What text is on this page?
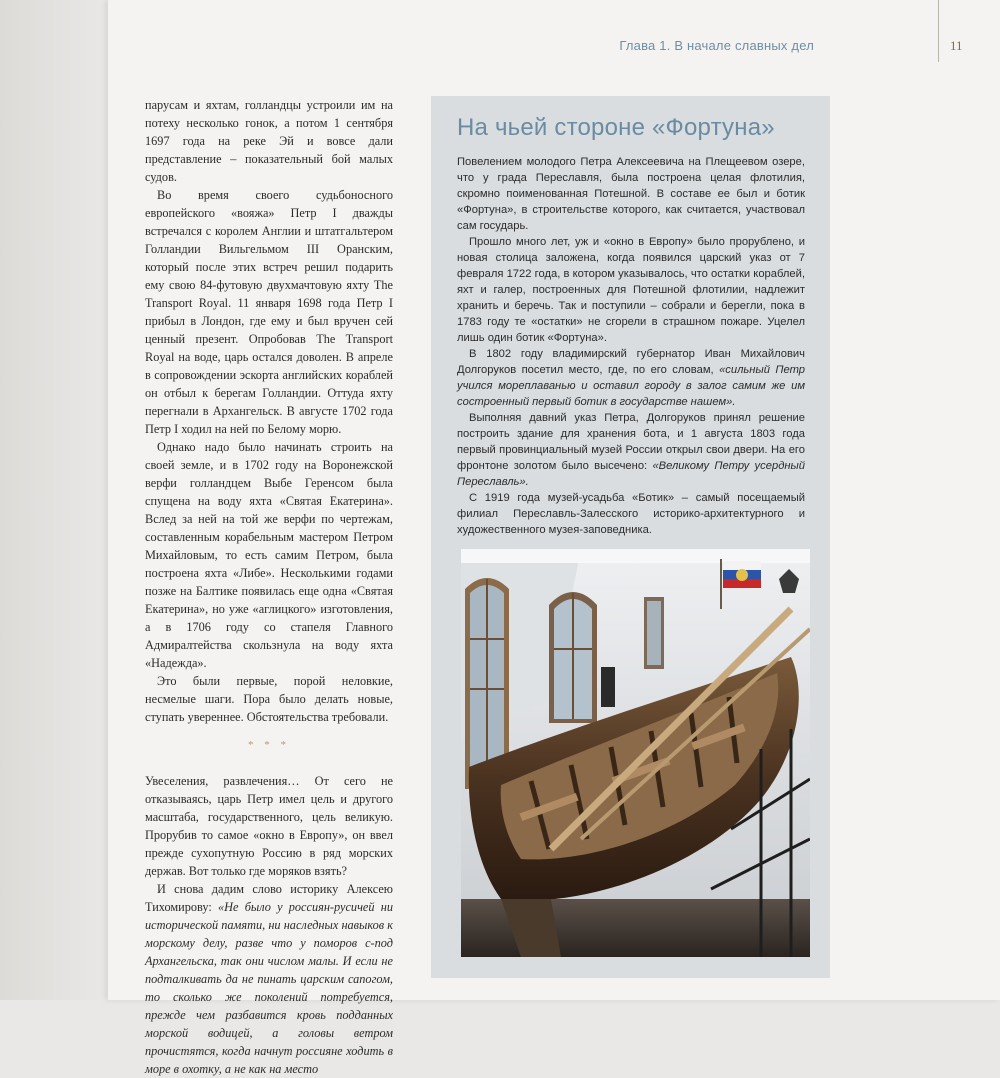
11
Глава 1. В начале славных дел

парусам и яхтам, голландцы устроили им на потеху несколько гонок, а потом 1 сентября 1697 года на реке Эй и вовсе дали представление – показательный бой малых судов.

Во время своего судьбоносного европейского «вояжа» Петр I дважды встречался с королем Англии и штатгальтером Голландии Вильгельмом III Оранским, который после этих встреч решил подарить ему свою 84-футовую двухмачтовую яхту The Transport Royal. 11 января 1698 года Петр I прибыл в Лондон, где ему и был вручен сей ценный презент. Опробовав The Transport Royal на воде, царь остался доволен. В апреле в сопровождении эскорта английских кораблей он отбыл к берегам Голландии. Оттуда яхту перегнали в Архангельск. В августе 1702 года Петр I ходил на ней по Белому морю.

Однако надо было начинать строить на своей земле, и в 1702 году на Воронежской верфи голландцем Выбе Геренсом была спущена на воду яхта «Святая Екатерина». Вслед за ней на той же верфи по чертежам, составленным корабельным мастером Петром Михайловым, то есть самим Петром, была построена яхта «Либе». Несколькими годами позже на Балтике появилась еще одна «Святая Екатерина», но уже «аглицкого» изготовления, а в 1706 году со стапеля Главного Адмиралтейства скользнула на воду яхта «Надежда».

Это были первые, порой неловкие, несмелые шаги. Пора было делать новые, ступать увереннее. Обстоятельства требовали.

* * *

Увеселения, развлечения… От сего не отказываясь, царь Петр имел цель и другого масштаба, государственного, цель великую. Прорубив то самое «окно в Европу», он ввел прежде сухопутную Россию в ряд морских держав. Вот только где моряков взять?

И снова дадим слово историку Алексею Тихомирову: «Не было у россиян-русичей ни исторической памяти, ни наследных навыков к морскому делу, разве что у поморов с-под Архангельска, так они числом малы. И если не подталкивать да не пинать царским сапогом, то сколько же поколений потребуется, прежде чем разбавится кровь подданных морской водицей, а головы ветром прочистятся, когда начнут россияне ходить в море в охотку, а не как на место

На чьей стороне «Фортуна»

Повелением молодого Петра Алексеевича на Плещеевом озере, что у града Переславля, была построена целая флотилия, скромно поименованная Потешной. В составе ее был и ботик «Фортуна», в строительстве которого, как считается, участвовал сам государь.

Прошло много лет, уж и «окно в Европу» было прорублено, и новая столица заложена, когда появился царский указ от 7 февраля 1722 года, в котором указывалось, что остатки кораблей, яхт и галер, построенных для Потешной флотилии, надлежит хранить и беречь. Так и поступили – собрали и берегли, пока в 1783 году те «остатки» не сгорели в страшном пожаре. Уцелел лишь один ботик «Фортуна».

В 1802 году владимирский губернатор Иван Михайлович Долгоруков посетил место, где, по его словам, «сильный Петр учился мореплаванью и оставил городу в залог самим же им состроенный первый ботик в государстве нашем».

Выполняя давний указ Петра, Долгоруков принял решение построить здание для хранения бота, и 1 августа 1803 года первый провинциальный музей России открыл свои двери. На его фронтоне золотом было высечено: «Великому Петру усердный Переславль».

С 1919 года музей-усадьба «Ботик» – самый посещаемый филиал Переславль-Залесского историко-архитектурного и художественного музея-заповедника.
